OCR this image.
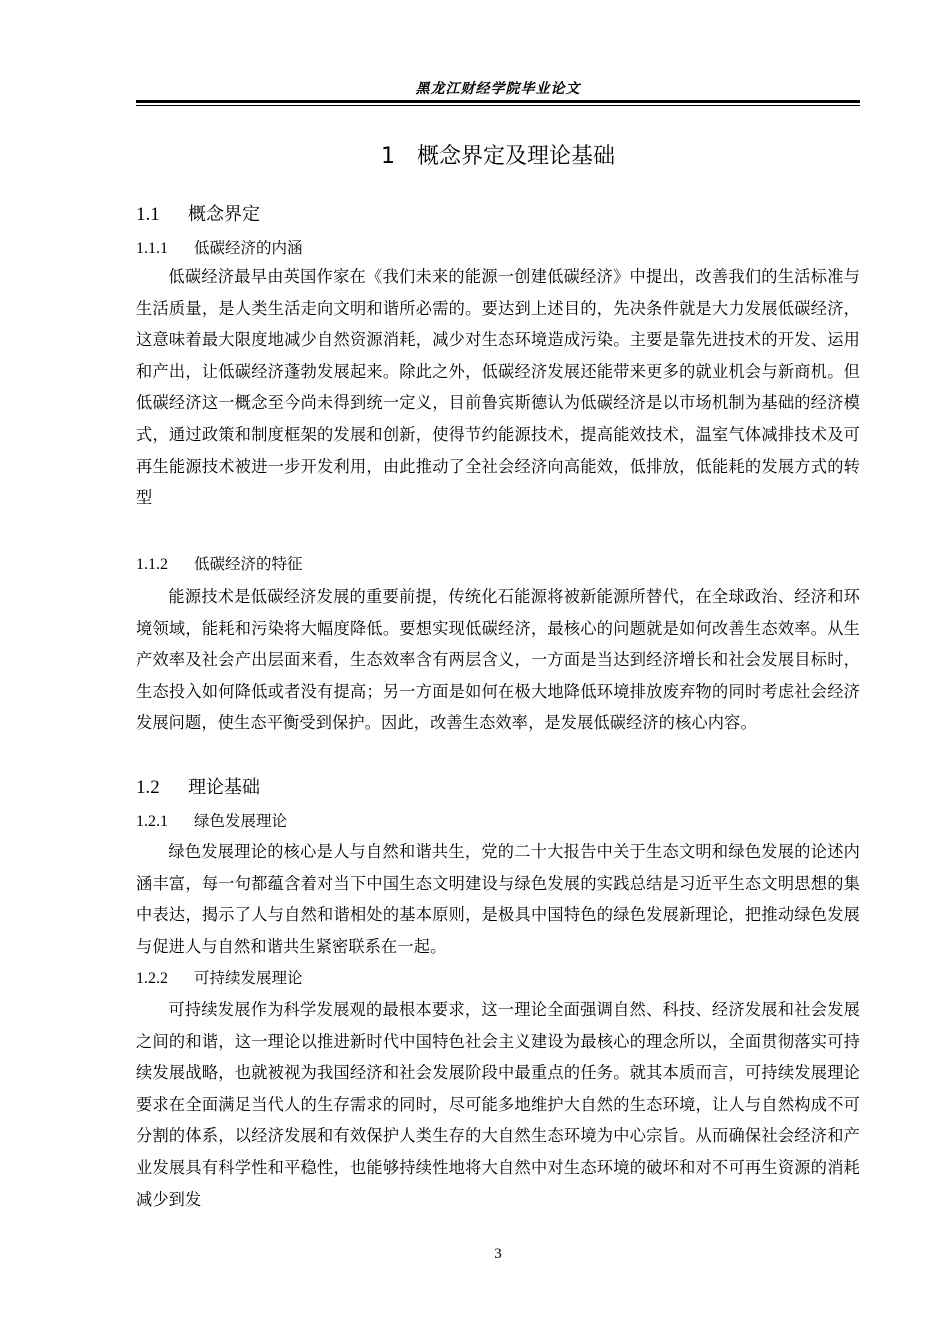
黑龙江财经学院毕业论文
1 概念界定及理论基础
1.1 概念界定
1.1.1 低碳经济的内涵
低碳经济最早由英国作家在《我们未来的能源一创建低碳经济》中提出，改善我们的生活标准与生活质量，是人类生活走向文明和谐所必需的。要达到上述目的，先决条件就是大力发展低碳经济，这意味着最大限度地减少自然资源消耗，减少对生态环境造成污染。主要是靠先进技术的开发、运用和产出，让低碳经济蓬勃发展起来。除此之外，低碳经济发展还能带来更多的就业机会与新商机。但低碳经济这一概念至今尚未得到统一定义，目前鲁宾斯德认为低碳经济是以市场机制为基础的经济模式，通过政策和制度框架的发展和创新，使得节约能源技术，提高能效技术，温室气体减排技术及可再生能源技术被进一步开发利用，由此推动了全社会经济向高能效，低排放，低能耗的发展方式的转型
1.1.2 低碳经济的特征
能源技术是低碳经济发展的重要前提，传统化石能源将被新能源所替代，在全球政治、经济和环境领域，能耗和污染将大幅度降低。要想实现低碳经济，最核心的问题就是如何改善生态效率。从生产效率及社会产出层面来看，生态效率含有两层含义，一方面是当达到经济增长和社会发展目标时，生态投入如何降低或者没有提高；另一方面是如何在极大地降低环境排放废弃物的同时考虑社会经济发展问题，使生态平衡受到保护。因此，改善生态效率，是发展低碳经济的核心内容。
1.2 理论基础
1.2.1 绿色发展理论
绿色发展理论的核心是人与自然和谐共生，党的二十大报告中关于生态文明和绿色发展的论述内涵丰富，每一句都蕴含着对当下中国生态文明建设与绿色发展的实践总结是习近平生态文明思想的集中表达，揭示了人与自然和谐相处的基本原则，是极具中国特色的绿色发展新理论，把推动绿色发展与促进人与自然和谐共生紧密联系在一起。
1.2.2 可持续发展理论
可持续发展作为科学发展观的最根本要求，这一理论全面强调自然、科技、经济发展和社会发展之间的和谐，这一理论以推进新时代中国特色社会主义建设为最核心的理念所以，全面贯彻落实可持续发展战略，也就被视为我国经济和社会发展阶段中最重点的任务。就其本质而言，可持续发展理论要求在全面满足当代人的生存需求的同时，尽可能多地维护大自然的生态环境，让人与自然构成不可分割的体系，以经济发展和有效保护人类生存的大自然生态环境为中心宗旨。从而确保社会经济和产业发展具有科学性和平稳性，也能够持续性地将大自然中对生态环境的破坏和对不可再生资源的消耗减少到发
3
